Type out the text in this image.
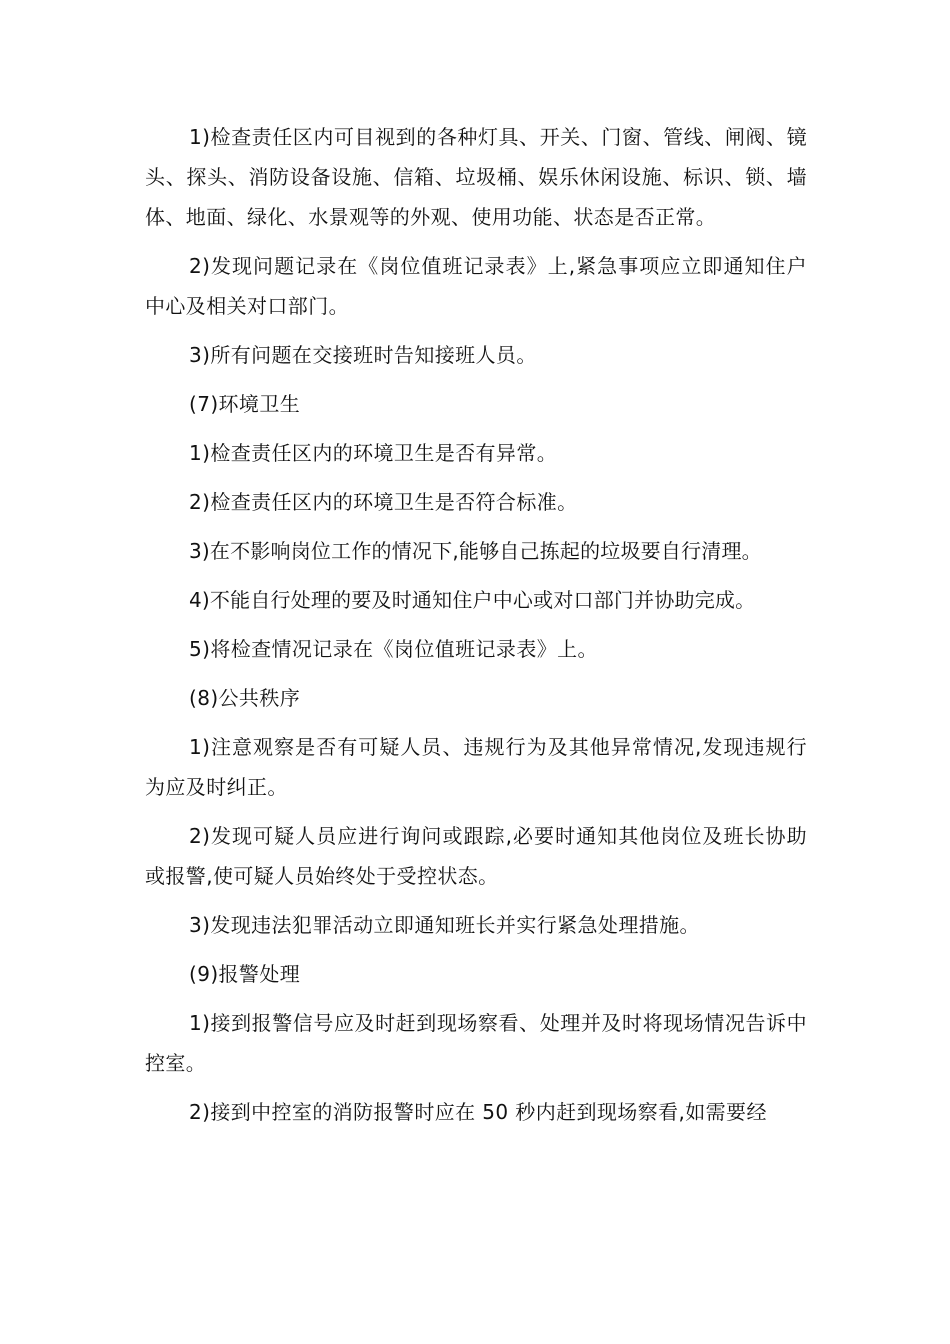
1)检查责任区内可目视到的各种灯具、开关、门窗、管线、闸阀、镜头、探头、消防设备设施、信箱、垃圾桶、娱乐休闲设施、标识、锁、墙体、地面、绿化、水景观等的外观、使用功能、状态是否正常。

2)发现问题记录在《岗位值班记录表》上,紧急事项应立即通知住户中心及相关对口部门。

3)所有问题在交接班时告知接班人员。

(7)环境卫生

1)检查责任区内的环境卫生是否有异常。

2)检查责任区内的环境卫生是否符合标准。

3)在不影响岗位工作的情况下,能够自己拣起的垃圾要自行清理。

4)不能自行处理的要及时通知住户中心或对口部门并协助完成。

5)将检查情况记录在《岗位值班记录表》上。

(8)公共秩序

1)注意观察是否有可疑人员、违规行为及其他异常情况,发现违规行为应及时纠正。

2)发现可疑人员应进行询问或跟踪,必要时通知其他岗位及班长协助或报警,使可疑人员始终处于受控状态。

3)发现违法犯罪活动立即通知班长并实行紧急处理措施。

(9)报警处理

1)接到报警信号应及时赶到现场察看、处理并及时将现场情况告诉中控室。

2)接到中控室的消防报警时应在 50 秒内赶到现场察看,如需要经
